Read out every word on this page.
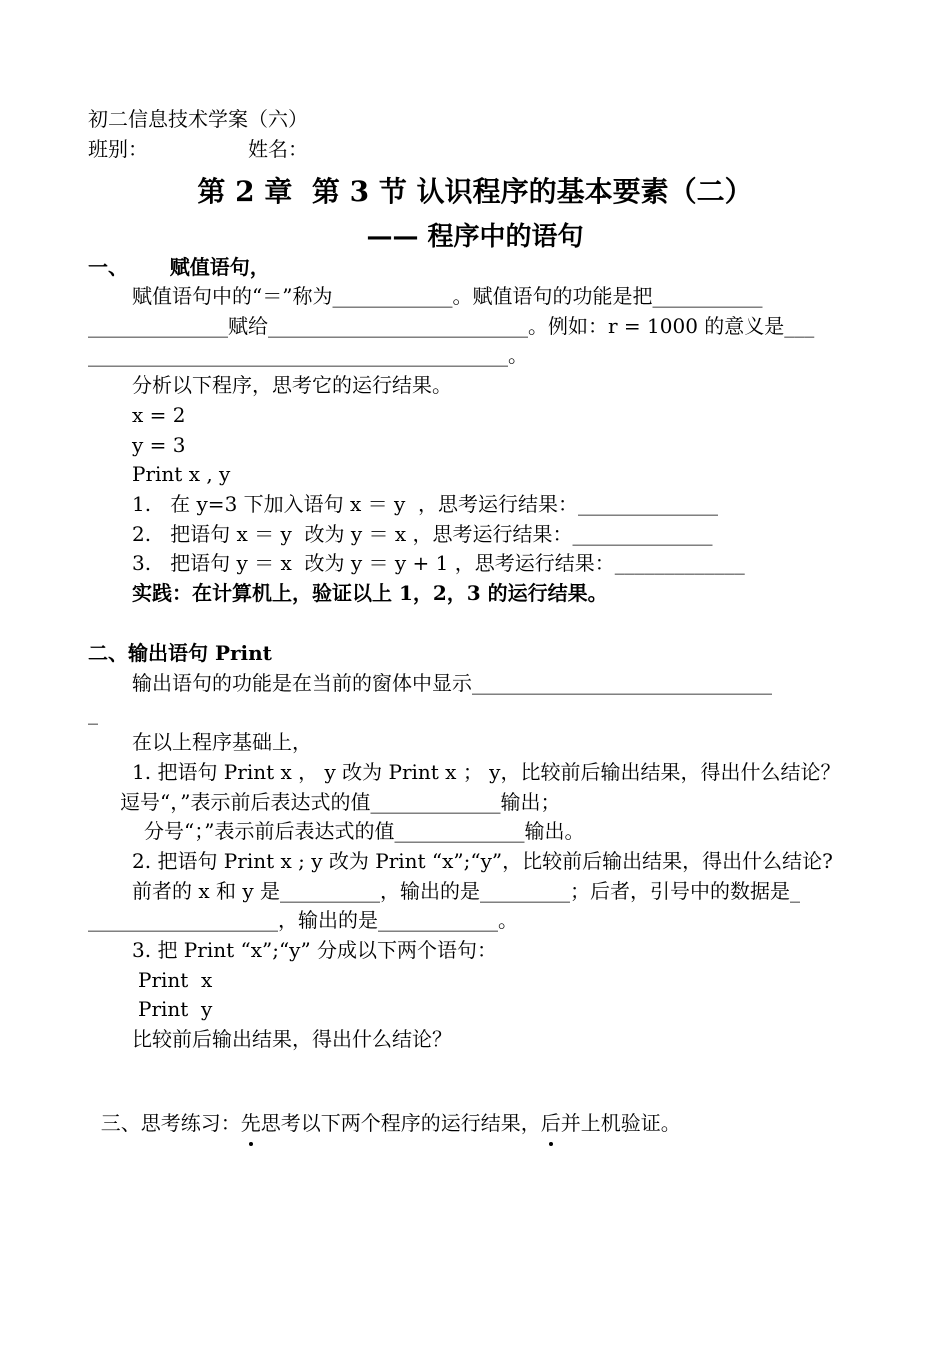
初二信息技术学案（六）
班别：	姓名：
第 2 章  第 3 节 认识程序的基本要素（二）
—— 程序中的语句
一、      赋值语句，
赋值语句中的“＝”称为____________。赋值语句的功能是把___________
______________赋给__________________________。例如：r = 1000 的意义是___
__________________________________________。
分析以下程序，思考它的运行结果。
x = 2
y = 3
Print x , y
1.   在 y=3 下加入语句 x ＝ y  ，思考运行结果：______________
2.   把语句 x ＝ y  改为 y ＝ x ，思考运行结果：______________
3.   把语句 y ＝ x  改为 y ＝ y + 1 ，思考运行结果：_____________
实践：在计算机上，验证以上 1，2，3 的运行结果。
二、输出语句 Print
输出语句的功能是在当前的窗体中显示______________________________
_
在以上程序基础上，
1. 把语句 Print x ， y 改为 Print x ； y，比较前后输出结果，得出什么结论？
逗号“，”表示前后表达式的值_____________输出；
分号“；”表示前后表达式的值_____________输出。
2. 把语句 Print x ; y 改为 Print “x”;“y”，比较前后输出结果，得出什么结论?
前者的 x 和 y 是__________，输出的是_________；后者，引号中的数据是_
___________________，输出的是____________。
3. 把 Print “x”;“y” 分成以下两个语句：
Print  x
Print  y
比较前后输出结果，得出什么结论？

三、思考练习：先思考以下两个程序的运行结果，后并上机验证。
